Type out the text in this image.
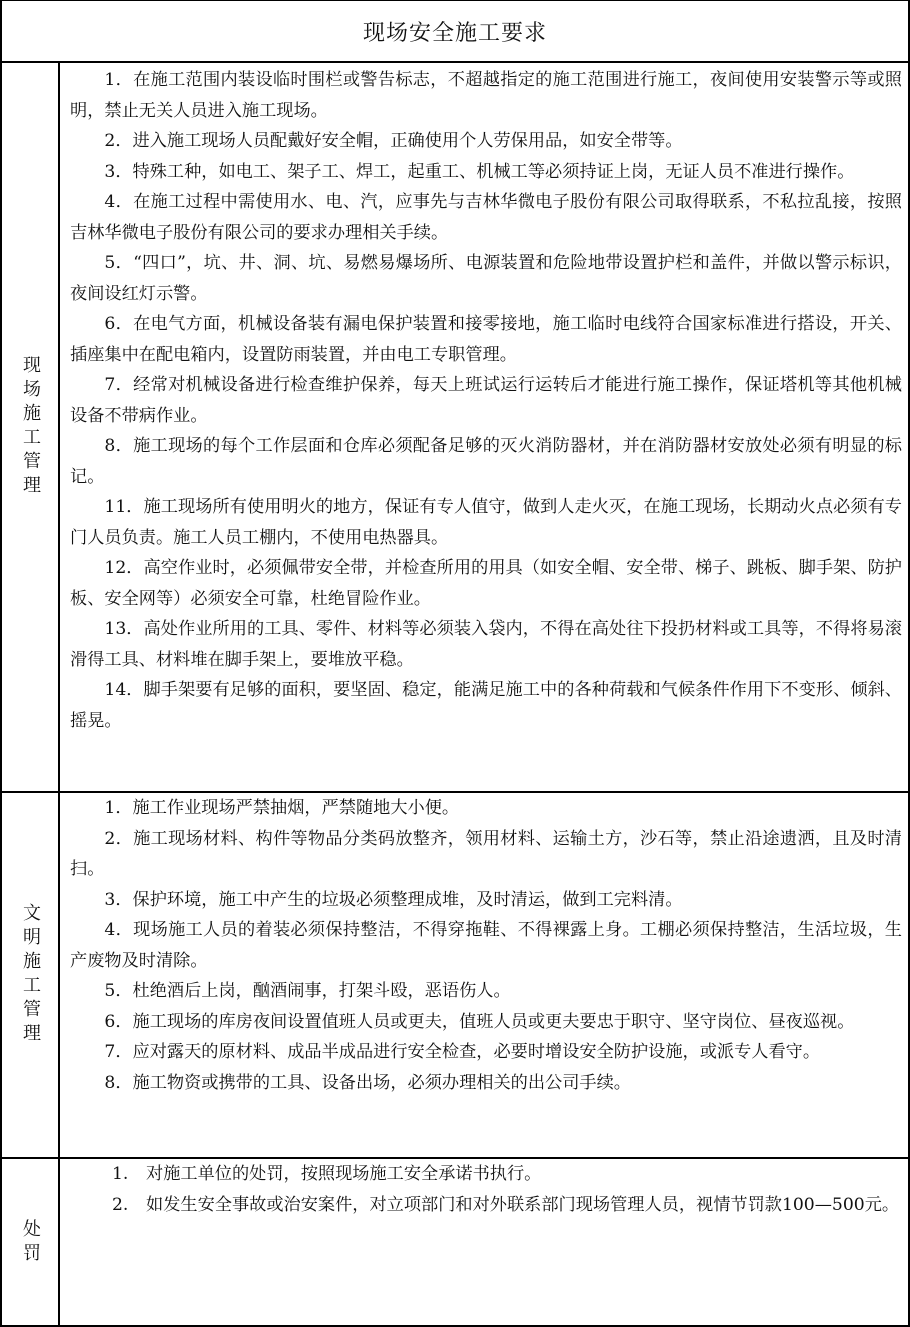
现场安全施工要求
现场施工管理

1．在施工范围内装设临时围栏或警告标志，不超越指定的施工范围进行施工，夜间使用安装警示等或照明，禁止无关人员进入施工现场。

2．进入施工现场人员配戴好安全帽，正确使用个人劳保用品，如安全带等。

3．特殊工种，如电工、架子工、焊工，起重工、机械工等必须持证上岗，无证人员不准进行操作。

4．在施工过程中需使用水、电、汽，应事先与吉林华微电子股份有限公司取得联系，不私拉乱接，按照吉林华微电子股份有限公司的要求办理相关手续。

5．“四口”，坑、井、洞、坑、易燃易爆场所、电源装置和危险地带设置护栏和盖件，并做以警示标识，夜间设红灯示警。

6．在电气方面，机械设备装有漏电保护装置和接零接地，施工临时电线符合国家标准进行搭设，开关、插座集中在配电箱内，设置防雨装置，并由电工专职管理。

7．经常对机械设备进行检查维护保养，每天上班试运行运转后才能进行施工操作，保证塔机等其他机械设备不带病作业。

8．施工现场的每个工作层面和仓库必须配备足够的灭火消防器材，并在消防器材安放处必须有明显的标记。

11．施工现场所有使用明火的地方，保证有专人值守，做到人走火灭，在施工现场，长期动火点必须有专门人员负责。施工人员工棚内，不使用电热器具。

12．高空作业时，必须佩带安全带，并检查所用的用具（如安全帽、安全带、梯子、跳板、脚手架、防护板、安全网等）必须安全可靠，杜绝冒险作业。

13．高处作业所用的工具、零件、材料等必须装入袋内，不得在高处往下投扔材料或工具等，不得将易滚滑得工具、材料堆在脚手架上，要堆放平稳。

14．脚手架要有足够的面积，要坚固、稳定，能满足施工中的各种荷载和气候条件作用下不变形、倾斜、摇晃。

文明施工管理

1．施工作业现场严禁抽烟，严禁随地大小便。

2．施工现场材料、构件等物品分类码放整齐，领用材料、运输土方，沙石等，禁止沿途遗洒，且及时清扫。

3．保护环境，施工中产生的垃圾必须整理成堆，及时清运，做到工完料清。

4．现场施工人员的着装必须保持整洁，不得穿拖鞋、不得裸露上身。工棚必须保持整洁，生活垃圾，生产废物及时清除。

5．杜绝酒后上岗，酗酒闹事，打架斗殴，恶语伤人。

6．施工现场的库房夜间设置值班人员或更夫，值班人员或更夫要忠于职守、坚守岗位、昼夜巡视。

7．应对露天的原材料、成品半成品进行安全检查，必要时增设安全防护设施，或派专人看守。

8．施工物资或携带的工具、设备出场，必须办理相关的出公司手续。

处罚
1.	对施工单位的处罚，按照现场施工安全承诺书执行。
2.	如发生安全事故或治安案件，对立项部门和对外联系部门现场管理人员，视情节罚款100—500元。
